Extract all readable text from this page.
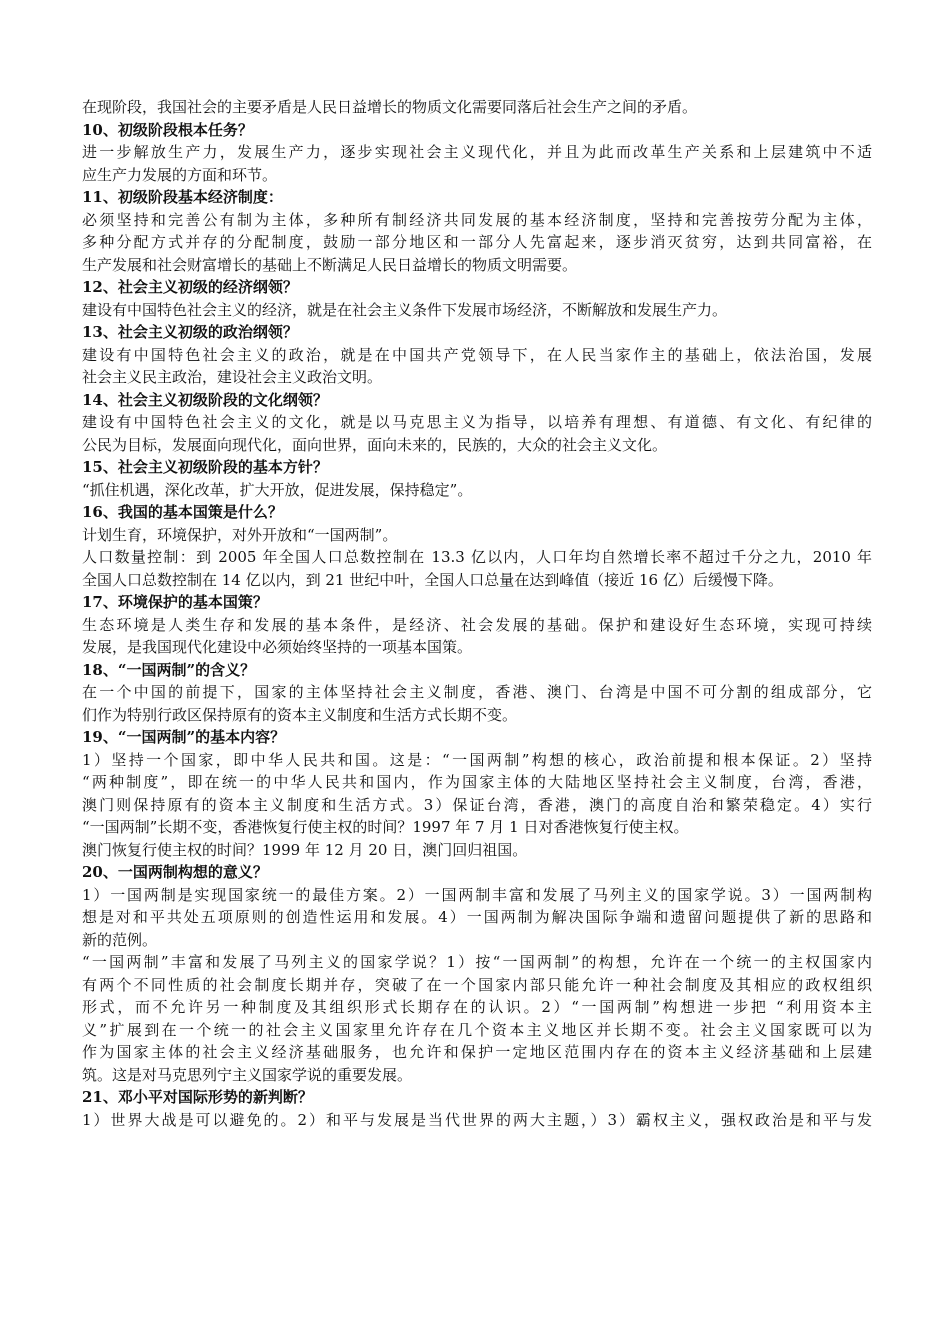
在现阶段，我国社会的主要矛盾是人民日益增长的物质文化需要同落后社会生产之间的矛盾。

10、初级阶段根本任务？

进一步解放生产力，发展生产力，逐步实现社会主义现代化，并且为此而改革生产关系和上层建筑中不适

应生产力发展的方面和环节。

11、初级阶段基本经济制度：

必须坚持和完善公有制为主体，多种所有制经济共同发展的基本经济制度，坚持和完善按劳分配为主体，

多种分配方式并存的分配制度，鼓励一部分地区和一部分人先富起来，逐步消灭贫穷，达到共同富裕，在

生产发展和社会财富增长的基础上不断满足人民日益增长的物质文明需要。

12、社会主义初级的经济纲领？

建设有中国特色社会主义的经济，就是在社会主义条件下发展市场经济，不断解放和发展生产力。

13、社会主义初级的政治纲领？

建设有中国特色社会主义的政治，就是在中国共产党领导下，在人民当家作主的基础上，依法治国，发展

社会主义民主政治，建设社会主义政治文明。

14、社会主义初级阶段的文化纲领？

建设有中国特色社会主义的文化，就是以马克思主义为指导，以培养有理想、有道德、有文化、有纪律的

公民为目标，发展面向现代化，面向世界，面向未来的，民族的，大众的社会主义文化。

15、社会主义初级阶段的基本方针？

“抓住机遇，深化改革，扩大开放，促进发展，保持稳定”。

16、我国的基本国策是什么？

计划生育，环境保护，对外开放和“一国两制”。

人口数量控制：到 2005 年全国人口总数控制在 13.3 亿以内，人口年均自然增长率不超过千分之九，2010 年

全国人口总数控制在 14 亿以内，到 21 世纪中叶，全国人口总量在达到峰值（接近 16 亿）后缓慢下降。

17、环境保护的基本国策？

生态环境是人类生存和发展的基本条件，是经济、社会发展的基础。保护和建设好生态环境，实现可持续

发展，是我国现代化建设中必须始终坚持的一项基本国策。

18、“一国两制”的含义？

在一个中国的前提下，国家的主体坚持社会主义制度，香港、澳门、台湾是中国不可分割的组成部分，它

们作为特别行政区保持原有的资本主义制度和生活方式长期不变。

19、“一国两制”的基本内容？

1）坚持一个国家，即中华人民共和国。这是：“一国两制”构想的核心，政治前提和根本保证。2）坚持

“两种制度”，即在统一的中华人民共和国内，作为国家主体的大陆地区坚持社会主义制度，台湾，香港，

澳门则保持原有的资本主义制度和生活方式。3）保证台湾，香港，澳门的高度自治和繁荣稳定。4）实行

“一国两制”长期不变，香港恢复行使主权的时间？1997 年 7 月 1 日对香港恢复行使主权。

澳门恢复行使主权的时间？1999 年 12 月 20 日，澳门回归祖国。

20、一国两制构想的意义？

1）一国两制是实现国家统一的最佳方案。2）一国两制丰富和发展了马列主义的国家学说。3）一国两制构

想是对和平共处五项原则的创造性运用和发展。4）一国两制为解决国际争端和遗留问题提供了新的思路和

新的范例。

“一国两制”丰富和发展了马列主义的国家学说？1）按“一国两制”的构想，允许在一个统一的主权国家内

有两个不同性质的社会制度长期并存，突破了在一个国家内部只能允许一种社会制度及其相应的政权组织

形式，而不允许另一种制度及其组织形式长期存在的认识。2）“一国两制”构想进一步把 “利用资本主

义”扩展到在一个统一的社会主义国家里允许存在几个资本主义地区并长期不变。社会主义国家既可以为

作为国家主体的社会主义经济基础服务，也允许和保护一定地区范围内存在的资本主义经济基础和上层建

筑。这是对马克思列宁主义国家学说的重要发展。

21、邓小平对国际形势的新判断？

1）世界大战是可以避免的。2）和平与发展是当代世界的两大主题，）3）霸权主义，强权政治是和平与发
